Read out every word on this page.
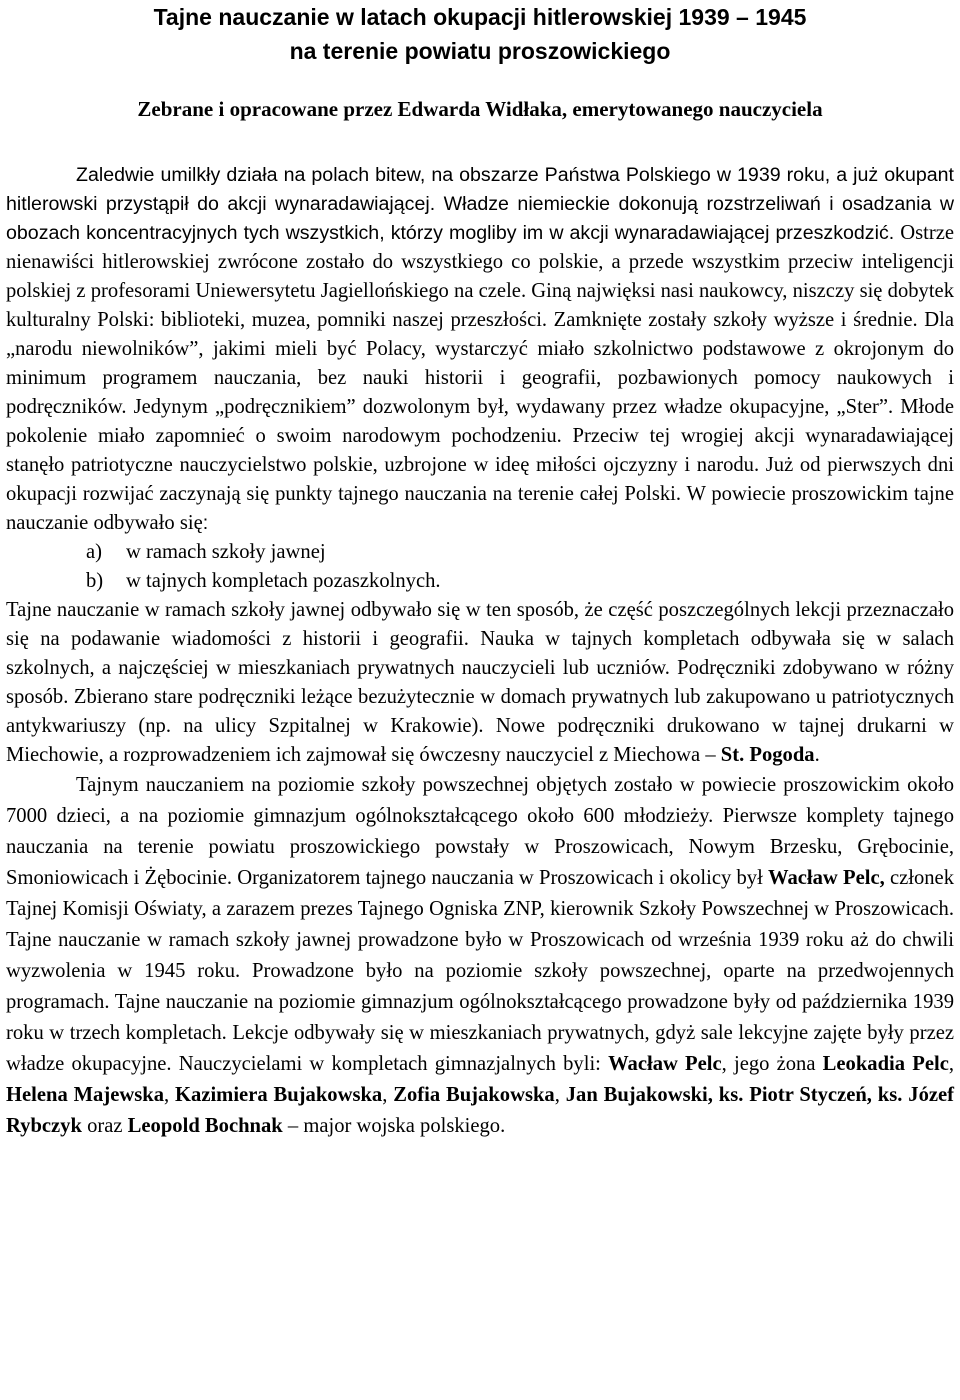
Tajne nauczanie w latach okupacji hitlerowskiej 1939 – 1945
na terenie powiatu proszowickiego
Zebrane i opracowane przez Edwarda Widłaka, emerytowanego nauczyciela

Zaledwie umilkły działa na polach bitew, na obszarze Państwa Polskiego w 1939 roku, a już okupant hitlerowski przystąpił do akcji wynaradawiającej. Władze niemieckie dokonują rozstrzeliwań i osadzania w obozach koncentracyjnych tych wszystkich, którzy mogliby im w akcji wynaradawiającej przeszkodzić. Ostrze nienawiści hitlerowskiej zwrócone zostało do wszystkiego co polskie, a przede wszystkim przeciw inteligencji polskiej z profesorami Uniewersytetu Jagiellońskiego na czele. Giną najwięksi nasi naukowcy, niszczy się dobytek kulturalny Polski: biblioteki, muzea, pomniki naszej przeszłości. Zamknięte zostały szkoły wyższe i średnie. Dla „narodu niewolników”, jakimi mieli być Polacy, wystarczyć miało szkolnictwo podstawowe z okrojonym do minimum programem nauczania, bez nauki historii i geografii, pozbawionych pomocy naukowych i podręczników. Jedynym „podręcznikiem” dozwolonym był, wydawany przez władze okupacyjne, „Ster”. Młode pokolenie miało zapomnieć o swoim narodowym pochodzeniu. Przeciw tej wrogiej akcji wynaradawiającej stanęło patriotyczne nauczycielstwo polskie, uzbrojone w ideę miłości ojczyzny i narodu. Już od pierwszych dni okupacji rozwijać zaczynają się punkty tajnego nauczania na terenie całej Polski. W powiecie proszowickim tajne nauczanie odbywało się:

a)	w ramach szkoły jawnej
b)	w tajnych kompletach pozaszkolnych.

Tajne nauczanie w ramach szkoły jawnej odbywało się w ten sposób, że część poszczególnych lekcji przeznaczało się na podawanie wiadomości z historii i geografii. Nauka w tajnych kompletach odbywała się w salach szkolnych, a najczęściej w mieszkaniach prywatnych nauczycieli lub uczniów. Podręczniki zdobywano w różny sposób. Zbierano stare podręczniki leżące bezużytecznie w domach prywatnych lub zakupowano u patriotycznych antykwariuszy (np. na ulicy Szpitalnej w Krakowie). Nowe podręczniki drukowano w tajnej drukarni w Miechowie, a rozprowadzeniem ich zajmował się ówczesny nauczyciel z Miechowa – St. Pogoda.

Tajnym nauczaniem na poziomie szkoły powszechnej objętych zostało w powiecie proszowickim około 7000 dzieci, a na poziomie gimnazjum ogólnokształcącego około 600 młodzieży. Pierwsze komplety tajnego nauczania na terenie powiatu proszowickiego powstały w Proszowicach, Nowym Brzesku, Grębocinie, Smoniowicach i Żębocinie. Organizatorem tajnego nauczania w Proszowicach i okolicy był Wacław Pelc, członek Tajnej Komisji Oświaty, a zarazem prezes Tajnego Ogniska ZNP, kierownik Szkoły Powszechnej w Proszowicach. Tajne nauczanie w ramach szkoły jawnej prowadzone było w Proszowicach od września 1939 roku aż do chwili wyzwolenia w 1945 roku. Prowadzone było na poziomie szkoły powszechnej, oparte na przedwojennych programach. Tajne nauczanie na poziomie gimnazjum ogólnokształcącego prowadzone były od października 1939 roku w trzech kompletach. Lekcje odbywały się w mieszkaniach prywatnych, gdyż sale lekcyjne zajęte były przez władze okupacyjne. Nauczycielami w kompletach gimnazjalnych byli: Wacław Pelc, jego żona Leokadia Pelc, Helena Majewska, Kazimiera Bujakowska, Zofia Bujakowska, Jan Bujakowski, ks. Piotr Styczeń, ks. Józef Rybczyk oraz Leopold Bochnak – major wojska polskiego.
